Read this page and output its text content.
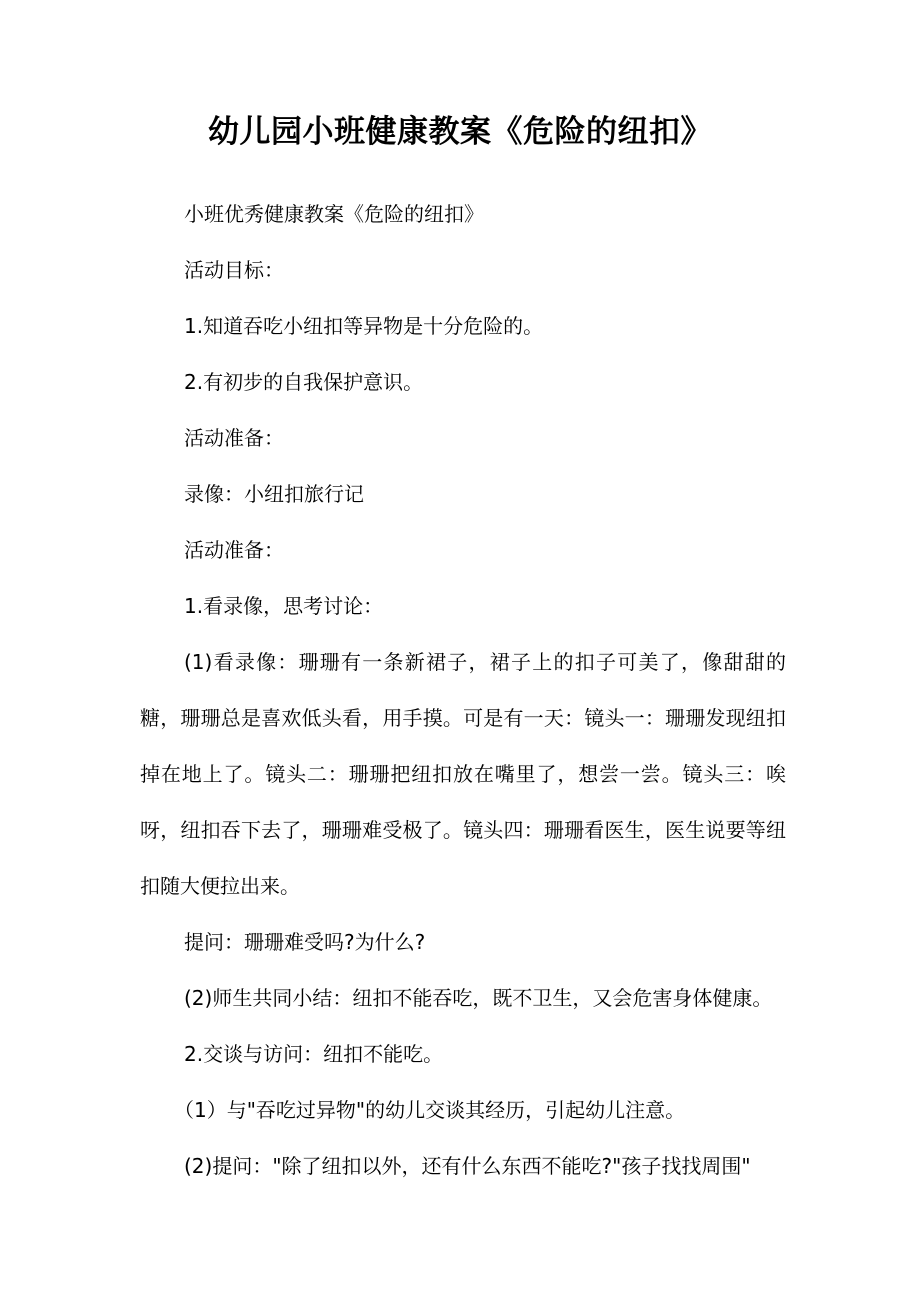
幼儿园小班健康教案《危险的纽扣》

小班优秀健康教案《危险的纽扣》

活动目标：

1.知道吞吃小纽扣等异物是十分危险的。

2.有初步的自我保护意识。

活动准备：

录像：小纽扣旅行记

活动准备：

1.看录像，思考讨论：

(1)看录像：珊珊有一条新裙子，裙子上的扣子可美了，像甜甜的糖，珊珊总是喜欢低头看，用手摸。可是有一天：镜头一：珊珊发现纽扣掉在地上了。镜头二：珊珊把纽扣放在嘴里了，想尝一尝。镜头三：唉呀，纽扣吞下去了，珊珊难受极了。镜头四：珊珊看医生，医生说要等纽扣随大便拉出来。

提问：珊珊难受吗?为什么?

(2)师生共同小结：纽扣不能吞吃，既不卫生，又会危害身体健康。

2.交谈与访问：纽扣不能吃。

（1）与"吞吃过异物"的幼儿交谈其经历，引起幼儿注意。

(2)提问："除了纽扣以外，还有什么东西不能吃?"孩子找找周围"
